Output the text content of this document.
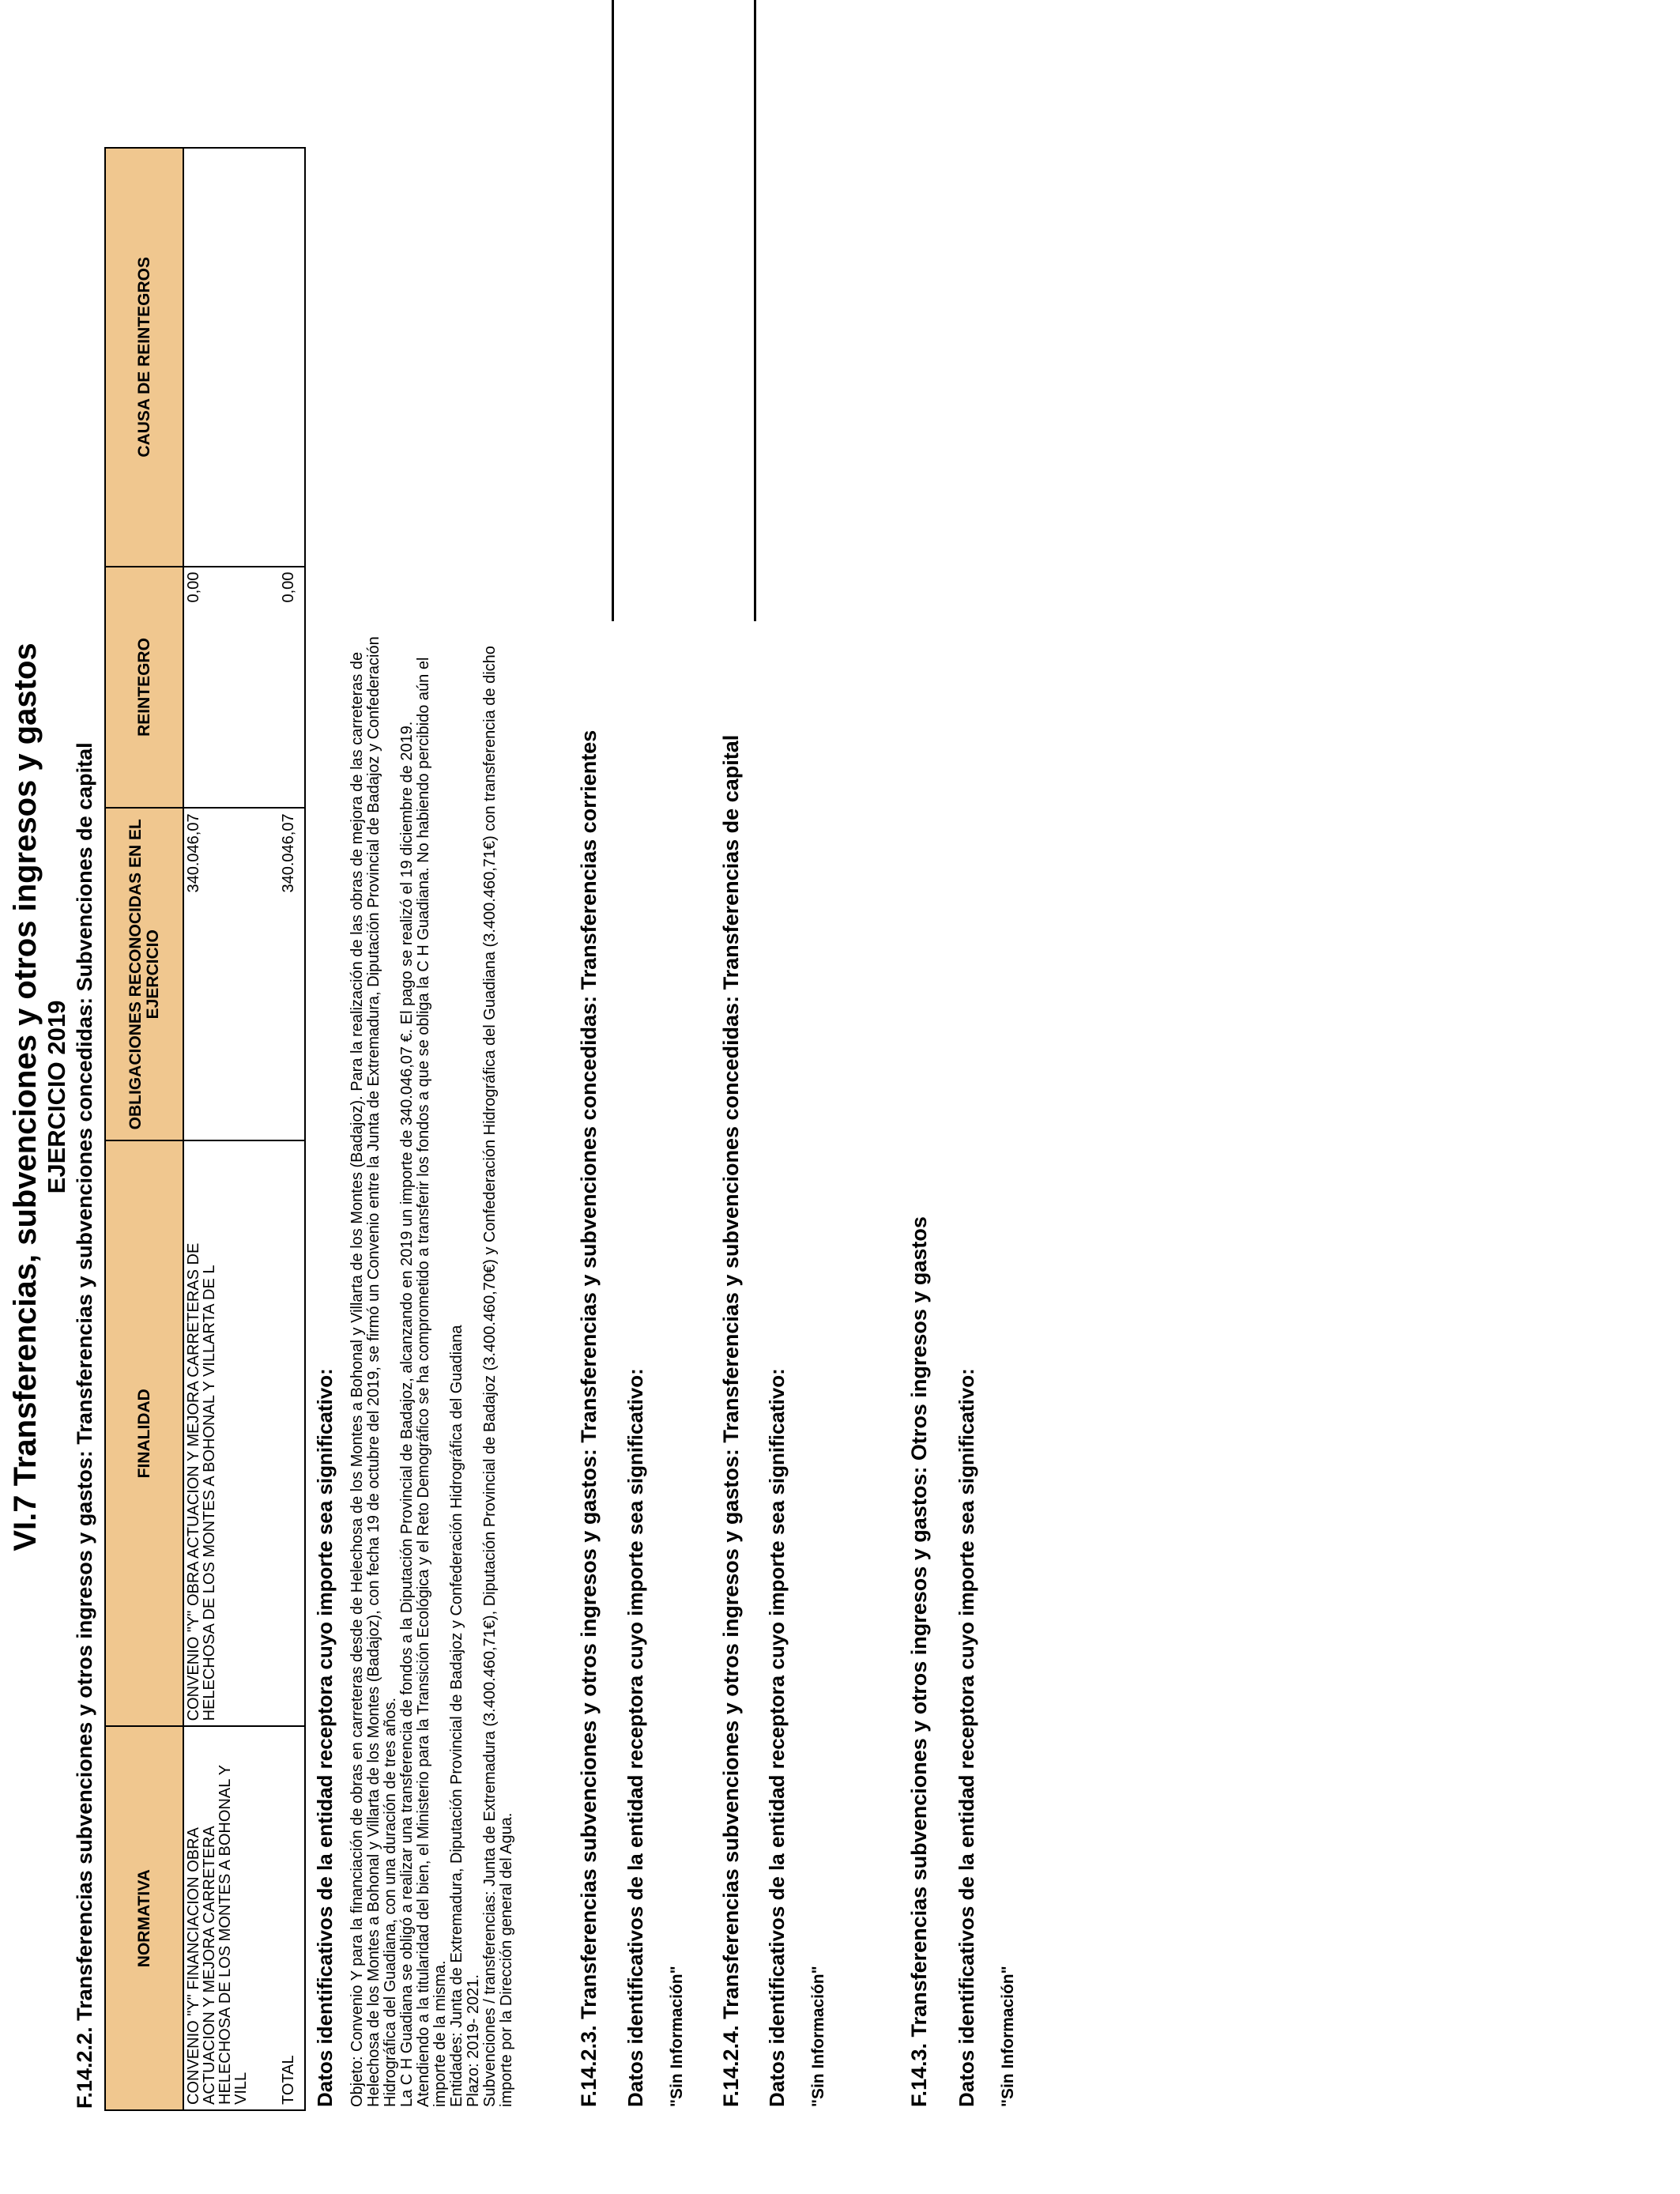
VI.7 Transferencias, subvenciones y otros ingresos y gastos EJERCICIO 2019 F.14.2.2. Transferencias subvenciones y otros ingresos y gastos: Transferencias y subvenciones concedidas: Subvenciones de capital NORMATIVA	FINALIDAD	OBLIGACIONES RECONOCIDAS EN EL EJERCICIO	REINTEGRO	CAUSA DE REINTEGROS
CONVENIO "Y" FINANCIACION OBRA ACTUACION Y MEJORA CARRETERA HELECHOSA DE LOS MONTES A BOHONAL Y VILL	CONVENIO "Y" OBRA ACTUACION Y MEJORA CARRETERAS DE HELECHOSA DE LOS MONTES A BOHONAL Y VILLARTA DE L	340.046,07	0,00	
TOTAL		340.046,07	0,00	
Datos identificativos de la entidad receptora cuyo importe sea significativo: Objeto: Convenio Y para la financiación de obras en carreteras desde de Helechosa de los Montes a Bohonal y Villarta de los Montes (Badajoz). Para la realización de las obras de mejora de las carreteras de Helechosa de los Montes a Bohonal y Villarta de los Montes (Badajoz), con fecha 19 de octubre del 2019, se firmó un Convenio entre la Junta de Extremadura, Diputación Provincial de Badajoz y Confederación Hidrográfica del Guadiana, con una duración de tres años. La C H Guadiana se obligó a realizar una transferencia de fondos a la Diputación Provincial de Badajoz, alcanzando en 2019 un importe de 340.046,07 €. El pago se realizó el 19 diciembre de 2019. Atendiendo a la titularidad del bien, el Ministerio para la Transición Ecológica y el Reto Demográfico se ha comprometido a transferir los fondos a que se obliga la C H Guadiana. No habiendo percibido aún el importe de la misma. Entidades: Junta de Extremadura, Diputación Provincial de Badajoz y Confederación Hidrográfica del Guadiana Plazo: 2019- 2021. Subvenciones / transferencias: Junta de Extremadura (3.400.460,71€), Diputación Provincial de Badajoz (3.400.460,70€) y Confederación Hidrográfica del Guadiana (3.400.460,71€) con transferencia de dicho importe por la Dirección general del Agua.	F.14.2.3. Transferencias subvenciones y otros ingresos y gastos: Transferencias y subvenciones concedidas: Transferencias corrientes Datos identificativos de la entidad receptora cuyo importe sea significativo: "Sin Información" F.14.2.4. Transferencias subvenciones y otros ingresos y gastos: Transferencias y subvenciones concedidas: Transferencias de capital Datos identificativos de la entidad receptora cuyo importe sea significativo: "Sin Información"	F.14.3. Transferencias subvenciones y otros ingresos y gastos: Otros ingresos y gastos Datos identificativos de la entidad receptora cuyo importe sea significativo: "Sin Información"
